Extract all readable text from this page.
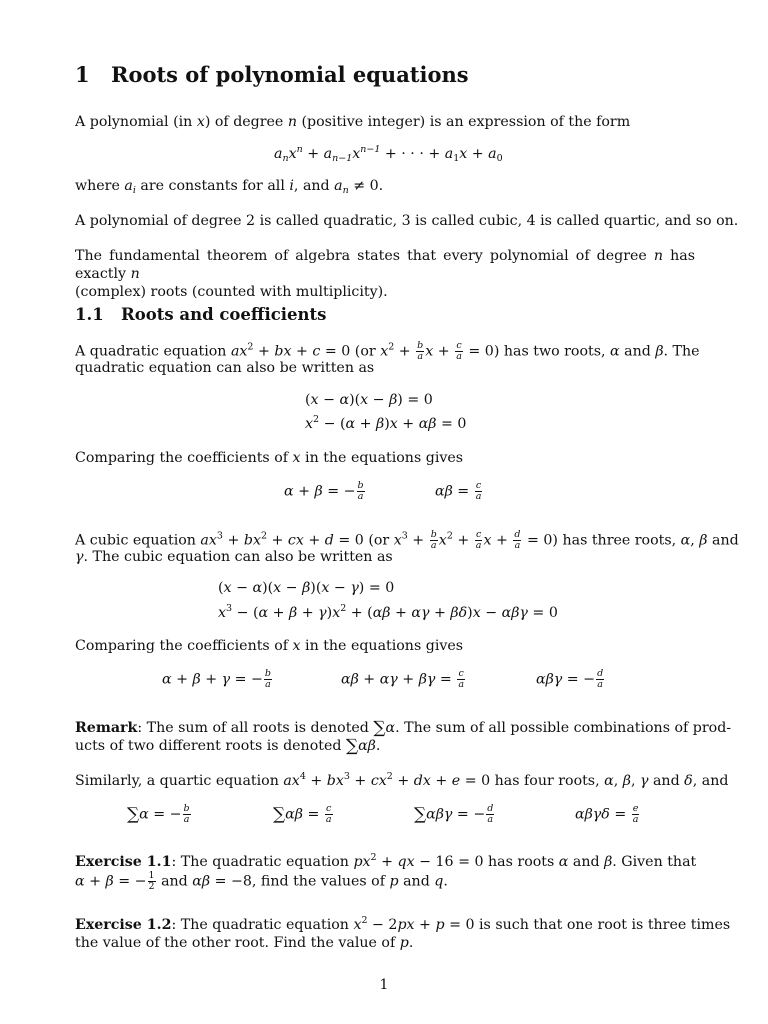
1 Roots of polynomial equations
A polynomial (in x) of degree n (positive integer) is an expression of the form
$a_nx^n + a_{n-1}x^{n-1}$ + · · · + $a_1x + a_0$
where $a_i$ are constants for all i, and $a_n \ne 0$.
A polynomial of degree 2 is called quadratic, 3 is called cubic, 4 is called quartic, and so on.
The fundamental theorem of algebra states that every polynomial of degree n has exactly n
(complex) roots (counted with multiplicity).
1.1 Roots and coefficients
A quadratic equation $ax^2$ + bx + c = 0 (or $x^2 + \frac{b}{a}$ $x + \frac{c}{a} = 0$) has two roots, α and β. The
quadratic equation can also be written as
(x − α)(x − β) = 0
$x^2 - (\alpha + \beta)x + \alpha\beta = 0$
Comparing the coefficients of x in the equations gives
α + β = − $\frac{b}{a}$	$\alpha\beta = \frac{c}{a}$
A cubic equation $ax^3 + bx^2$ + cx + d = 0 (or $x^3 + \frac{b}{a} x^2 + \frac{c}{a}$ $x + \frac{d}{a} = 0$) has three roots, α, β and
γ. The cubic equation can also be written as
(x − α)(x − β)(x − γ) = 0
$x^3 - (\alpha + \beta + \gamma)x^2 + (\alpha\beta + \alpha\gamma + \beta\delta)x - \alpha\beta\gamma = 0$
Comparing the coefficients of x in the equations gives
α + β + γ = − $\frac{b}{a}$	$\alpha\beta + \alpha\gamma + \beta\gamma = \frac{c}{a}$	αβγ = − $\frac{d}{a}$
Remark: The sum of all roots is denoted ∑α. The sum of all possible combinations of prod-
ucts of two different roots is denoted ∑αβ.
Similarly, a quartic equation $ax^4 + bx^3 + cx^2$ + dx + e = 0 has four roots, α, β, γ and δ, and
∑α = − $\frac{b}{a}$	$\sum\alpha\beta = \frac{c}{a}$	∑αβγ = − $\frac{d}{a}$	$\alpha\beta\gamma\delta = \frac{e}{a}$
Exercise 1.1: The quadratic equation $px^2$ + qx − 16 = 0 has roots α and β. Given that
α + β = − $\frac{1}{2}$ and αβ = −8, find the values of p and q.
Exercise 1.2: The quadratic equation $x^2 - 2px + p = 0$ is such that one root is three times
the value of the other root. Find the value of p.
1
